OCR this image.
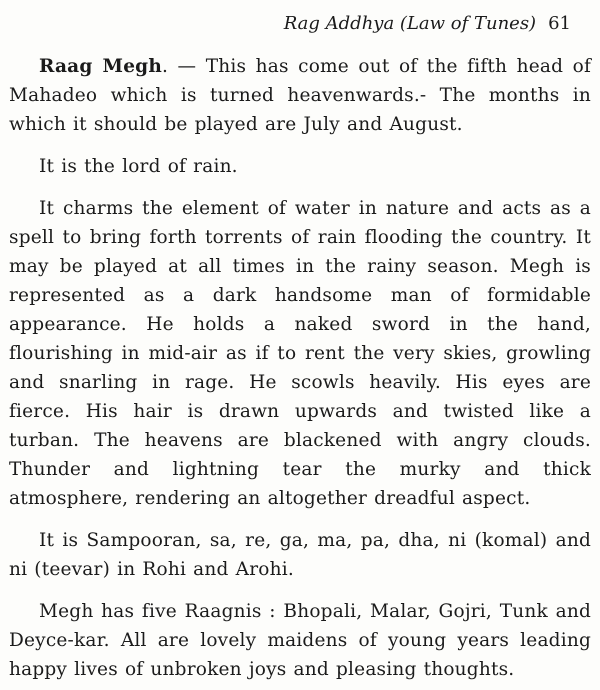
Rag Addhya (Law of Tunes) 61

Raag Megh. — This has come out of the fifth head of Mahadeo which is turned heavenwards.- The months in which it should be played are July and August.

It is the lord of rain.

It charms the element of water in nature and acts as a spell to bring forth torrents of rain flooding the country. It may be played at all times in the rainy season. Megh is represented as a dark handsome man of formidable appearance. He holds a naked sword in the hand, flourishing in mid-air as if to rent the very skies, growling and snarling in rage. He scowls heavily. His eyes are fierce. His hair is drawn upwards and twisted like a turban. The heavens are blackened with angry clouds. Thunder and lightning tear the murky and thick atmosphere, rendering an altogether dreadful aspect.

It is Sampooran, sa, re, ga, ma, pa, dha, ni (komal) and ni (teevar) in Rohi and Arohi.

Megh has five Raagnis : Bhopali, Malar, Gojri, Tunk and Deyce-kar. All are lovely maidens of young years leading happy lives of unbroken joys and pleasing thoughts.
